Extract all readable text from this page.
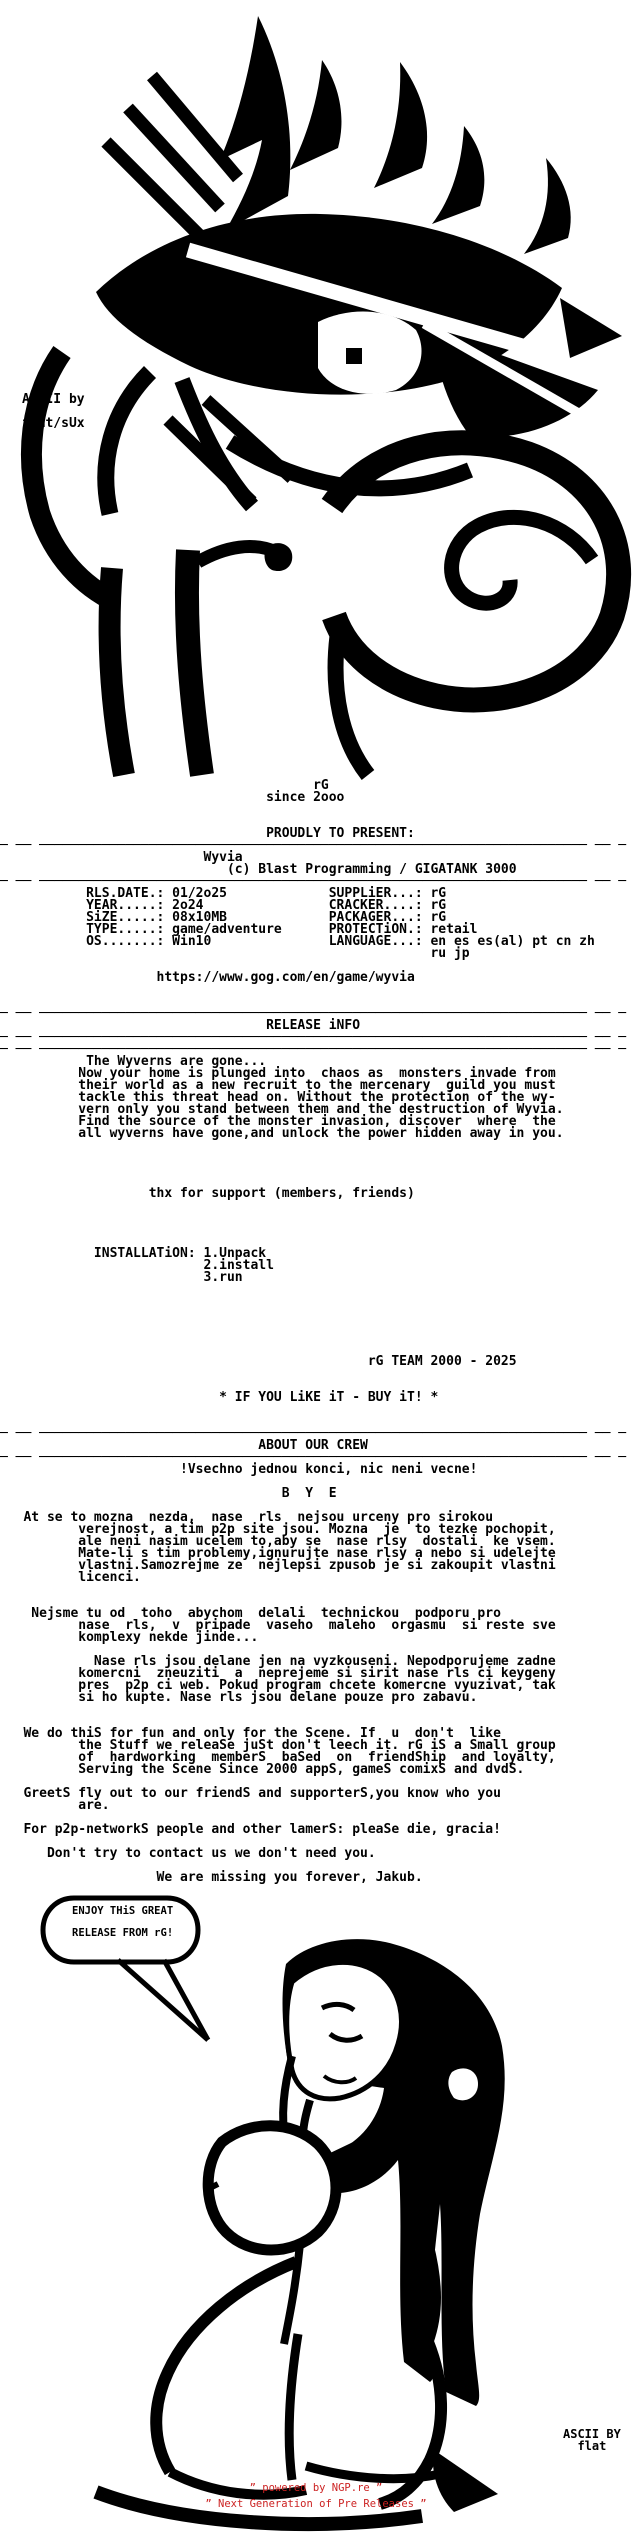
ASCII by

flat/sUx
rG
since 2ooo

PROUDLY TO PRESENT:
─ ── ────────────────────────────────────────────────────────────────────── ── ─
Wyvia
(c) Blast Programming / GIGATANK 3000
─ ── ────────────────────────────────────────────────────────────────────── ── ─
RLS.DATE.: 01/2o25             SUPPLiER...: rG
YEAR.....: 2o24                CRACKER....: rG
SiZE.....: 08x10MB             PACKAGER...: rG
TYPE.....: game/adventure      PROTECTiON.: retail
OS.......: Win10               LANGUAGE...: en es es(al) pt cn zh
ru jp
https://www.gog.com/en/game/wyvia
─ ── ────────────────────────────────────────────────────────────────────── ── ─
RELEASE iNFO
─ ── ────────────────────────────────────────────────────────────────────── ── ─
─ ── ────────────────────────────────────────────────────────────────────── ── ─
The Wyverns are gone...
Now your home is plunged into  chaos as  monsters invade from
their world as a new recruit to the mercenary  guild you must
tackle this threat head on. Without the protection of the wy-
vern only you stand between them and the destruction of Wyvia.
Find the source of the monster invasion, discover  where  the
all wyverns have gone,and unlock the power hidden away in you.
thx for support (members, friends)
INSTALLATiON: 1.Unpack
2.install
3.run
rG TEAM 2000 - 2025
* IF YOU LiKE iT - BUY iT! *
─ ── ────────────────────────────────────────────────────────────────────── ── ─
ABOUT OUR CREW
─ ── ────────────────────────────────────────────────────────────────────── ── ─
!Vsechno jednou konci, nic neni vecne!
B  Y  E
At se to mozna  nezda,  nase  rls  nejsou urceny pro sirokou
verejnost, a tim p2p site jsou. Mozna  je  to tezke pochopit,
ale neni nasim ucelem to,aby se  nase rlsy  dostali  ke vsem.
Mate-li s tim problemy,ignurujte nase rlsy a nebo si udelejte
vlastni.Samozrejme ze  nejlepsi zpusob je si zakoupit vlastni
licenci.
Nejsme tu od  toho  abychom  delali  technickou  podporu pro
nase  rls,  v  pripade  vaseho  maleho  orgasmu  si reste sve
komplexy nekde jinde...
Nase rls jsou delane jen na vyzkouseni. Nepodporujeme zadne
komercni  zneuziti  a  neprejeme si sirit nase rls ci keygeny
pres  p2p ci web. Pokud program chcete komercne vyuzivat, tak
si ho kupte. Nase rls jsou delane pouze pro zabavu.
We do thiS for fun and only for the Scene. If  u  don't  like
the Stuff we releaSe juSt don't leech it. rG iS a Small group
of  hardworking  memberS  baSed  on  friendShip  and loyalty,
Serving the Scene Since 2000 appS, gameS comixS and dvdS.
GreetS fly out to our friendS and supporterS,you know who you
are.
For p2p-networkS people and other lamerS: pleaSe die, gracia!
Don't try to contact us we don't need you.
We are missing you forever, Jakub.
ENJOY THiS GREAT

RELEASE FROM rG!
ASCII BY
flat
” powered by NGP.re ”
” Next Generation of Pre Releases ”
